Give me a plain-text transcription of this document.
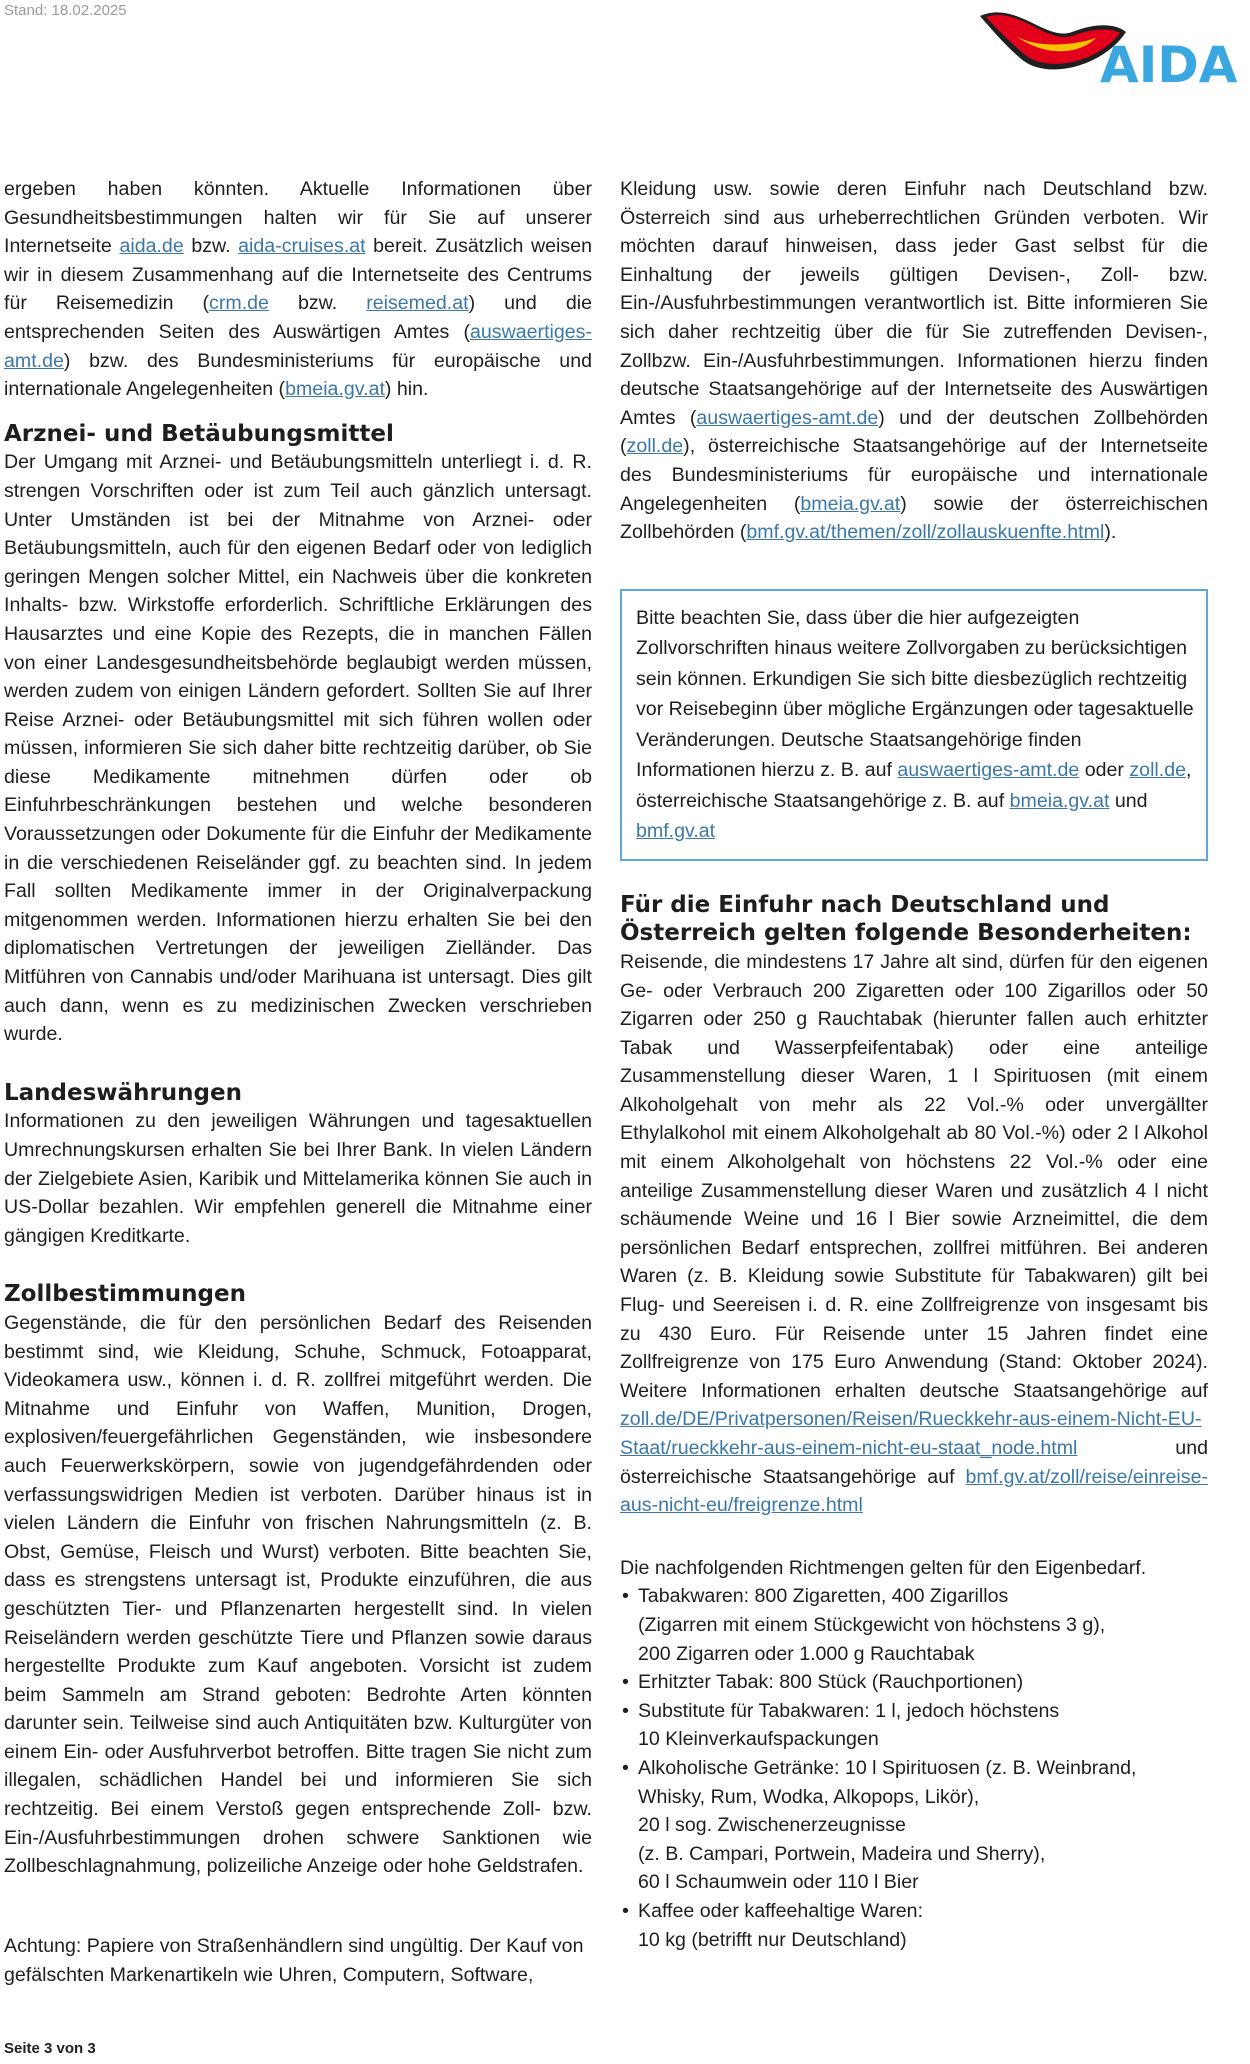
Stand: 18.02.2025
AIDA

ergeben haben könnten. Aktuelle Informationen über Gesundheitsbestimmungen halten wir für Sie auf unserer Internetseite aida.de bzw. aida-cruises.at bereit. Zusätzlich weisen wir in diesem Zusammenhang auf die Internetseite des Centrums für Reisemedizin (crm.de bzw. reisemed.at) und die entsprechenden Seiten des Auswärtigen Amtes (auswaertiges-amt.de) bzw. des Bundesministeriums für europäische und internationale Angelegenheiten (bmeia.gv.at) hin.

Arznei- und Betäubungsmittel

Der Umgang mit Arznei- und Betäubungsmitteln unterliegt i. d. R. strengen Vorschriften oder ist zum Teil auch gänzlich untersagt. Unter Umständen ist bei der Mitnahme von Arznei- oder Betäubungsmitteln, auch für den eigenen Bedarf oder von lediglich geringen Mengen solcher Mittel, ein Nachweis über die konkreten Inhalts- bzw. Wirkstoffe erforderlich. Schriftliche Erklärungen des Hausarztes und eine Kopie des Rezepts, die in manchen Fällen von einer Landesgesundheitsbehörde beglaubigt werden müssen, werden zudem von einigen Ländern gefordert. Sollten Sie auf Ihrer Reise Arznei- oder Betäubungsmittel mit sich führen wollen oder müssen, informieren Sie sich daher bitte rechtzeitig darüber, ob Sie diese Medikamente mitnehmen dürfen oder ob Einfuhrbeschränkungen bestehen und welche besonderen Voraussetzungen oder Dokumente für die Einfuhr der Medikamente in die verschiedenen Reiseländer ggf. zu beachten sind. In jedem Fall sollten Medikamente immer in der Originalverpackung mitgenommen werden. Informationen hierzu erhalten Sie bei den diplomatischen Vertretungen der jeweiligen Zielländer. Das Mitführen von Cannabis und/oder Marihuana ist untersagt. Dies gilt auch dann, wenn es zu medizinischen Zwecken verschrieben wurde.

Landeswährungen

Informationen zu den jeweiligen Währungen und tagesaktuellen Umrechnungskursen erhalten Sie bei Ihrer Bank. In vielen Ländern der Zielgebiete Asien, Karibik und Mittelamerika können Sie auch in US-Dollar bezahlen. Wir empfehlen generell die Mitnahme einer gängigen Kreditkarte.

Zollbestimmungen

Gegenstände, die für den persönlichen Bedarf des Reisenden bestimmt sind, wie Kleidung, Schuhe, Schmuck, Fotoapparat, Videokamera usw., können i. d. R. zollfrei mitgeführt werden. Die Mitnahme und Einfuhr von Waffen, Munition, Drogen, explosiven/feuergefährlichen Gegenständen, wie insbesondere auch Feuerwerkskörpern, sowie von jugendgefährdenden oder verfassungswidrigen Medien ist verboten. Darüber hinaus ist in vielen Ländern die Einfuhr von frischen Nahrungsmitteln (z. B. Obst, Gemüse, Fleisch und Wurst) verboten. Bitte beachten Sie, dass es strengstens untersagt ist, Produkte einzuführen, die aus geschützten Tier- und Pflanzenarten hergestellt sind. In vielen Reiseländern werden geschützte Tiere und Pflanzen sowie daraus hergestellte Produkte zum Kauf angeboten. Vorsicht ist zudem beim Sammeln am Strand geboten: Bedrohte Arten könnten darunter sein. Teilweise sind auch Antiquitäten bzw. Kulturgüter von einem Ein- oder Ausfuhrverbot betroffen. Bitte tragen Sie nicht zum illegalen, schädlichen Handel bei und informieren Sie sich rechtzeitig. Bei einem Verstoß gegen entsprechende Zoll- bzw. Ein-/Ausfuhrbestimmungen drohen schwere Sanktionen wie Zollbeschlagnahmung, polizeiliche Anzeige oder hohe Geldstrafen.

Achtung: Papiere von Straßenhändlern sind ungültig. Der Kauf von gefälschten Markenartikeln wie Uhren, Computern, Software,

Kleidung usw. sowie deren Einfuhr nach Deutschland bzw. Österreich sind aus urheberrechtlichen Gründen verboten. Wir möchten darauf hinweisen, dass jeder Gast selbst für die Einhaltung der jeweils gültigen Devisen-, Zoll- bzw. Ein-/Ausfuhrbestimmungen verantwortlich ist. Bitte informieren Sie sich daher rechtzeitig über die für Sie zutreffenden Devisen-, Zollbzw. Ein-/Ausfuhrbestimmungen. Informationen hierzu finden deutsche Staatsangehörige auf der Internetseite des Auswärtigen Amtes (auswaertiges-amt.de) und der deutschen Zollbehörden (zoll.de), österreichische Staatsangehörige auf der Internetseite des Bundesministeriums für europäische und internationale Angelegenheiten (bmeia.gv.at) sowie der österreichischen Zollbehörden (bmf.gv.at/themen/zoll/zollauskuenfte.html).

Bitte beachten Sie, dass über die hier aufgezeigten Zollvorschriften hinaus weitere Zollvorgaben zu berücksichtigen sein können. Erkundigen Sie sich bitte diesbezüglich rechtzeitig vor Reisebeginn über mögliche Ergänzungen oder tagesaktuelle Veränderungen. Deutsche Staatsangehörige finden Informationen hierzu z. B. auf auswaertiges-amt.de oder zoll.de, österreichische Staatsangehörige z. B. auf bmeia.gv.at und bmf.gv.at
Für die Einfuhr nach Deutschland und Österreich gelten folgende Besonderheiten:

Reisende, die mindestens 17 Jahre alt sind, dürfen für den eigenen Ge- oder Verbrauch 200 Zigaretten oder 100 Zigarillos oder 50 Zigarren oder 250 g Rauchtabak (hierunter fallen auch erhitzter Tabak und Wasserpfeifentabak) oder eine anteilige Zusammenstellung dieser Waren, 1 l Spirituosen (mit einem Alkoholgehalt von mehr als 22 Vol.-% oder unvergällter Ethylalkohol mit einem Alkoholgehalt ab 80 Vol.-%) oder 2 l Alkohol mit einem Alkoholgehalt von höchstens 22 Vol.-% oder eine anteilige Zusammenstellung dieser Waren und zusätzlich 4 l nicht schäumende Weine und 16 l Bier sowie Arzneimittel, die dem persönlichen Bedarf entsprechen, zollfrei mitführen. Bei anderen Waren (z. B. Kleidung sowie Substitute für Tabakwaren) gilt bei Flug- und Seereisen i. d. R. eine Zollfreigrenze von insgesamt bis zu 430 Euro. Für Reisende unter 15 Jahren findet eine Zollfreigrenze von 175 Euro Anwendung (Stand: Oktober 2024). Weitere Informationen erhalten deutsche Staatsangehörige auf zoll.de/DE/Privatpersonen/Reisen/Rueckkehr-aus-einem-Nicht-EU-Staat/rueckkehr-aus-einem-nicht-eu-staat_node.html und österreichische Staatsangehörige auf bmf.gv.at/zoll/reise/einreise-aus-nicht-eu/freigrenze.html

Die nachfolgenden Richtmengen gelten für den Eigenbedarf.

• Tabakwaren: 800 Zigaretten, 400 Zigarillos
(Zigarren mit einem Stückgewicht von höchstens 3 g),
200 Zigarren oder 1.000 g Rauchtabak
• Erhitzter Tabak: 800 Stück (Rauchportionen)
• Substitute für Tabakwaren: 1 l, jedoch höchstens
10 Kleinverkaufspackungen
• Alkoholische Getränke: 10 l Spirituosen (z. B. Weinbrand,
Whisky, Rum, Wodka, Alkopops, Likör),
20 l sog. Zwischenerzeugnisse
(z. B. Campari, Portwein, Madeira und Sherry),
60 l Schaumwein oder 110 l Bier
• Kaffee oder kaffeehaltige Waren:
10 kg (betrifft nur Deutschland)
Seite 3 von 3
